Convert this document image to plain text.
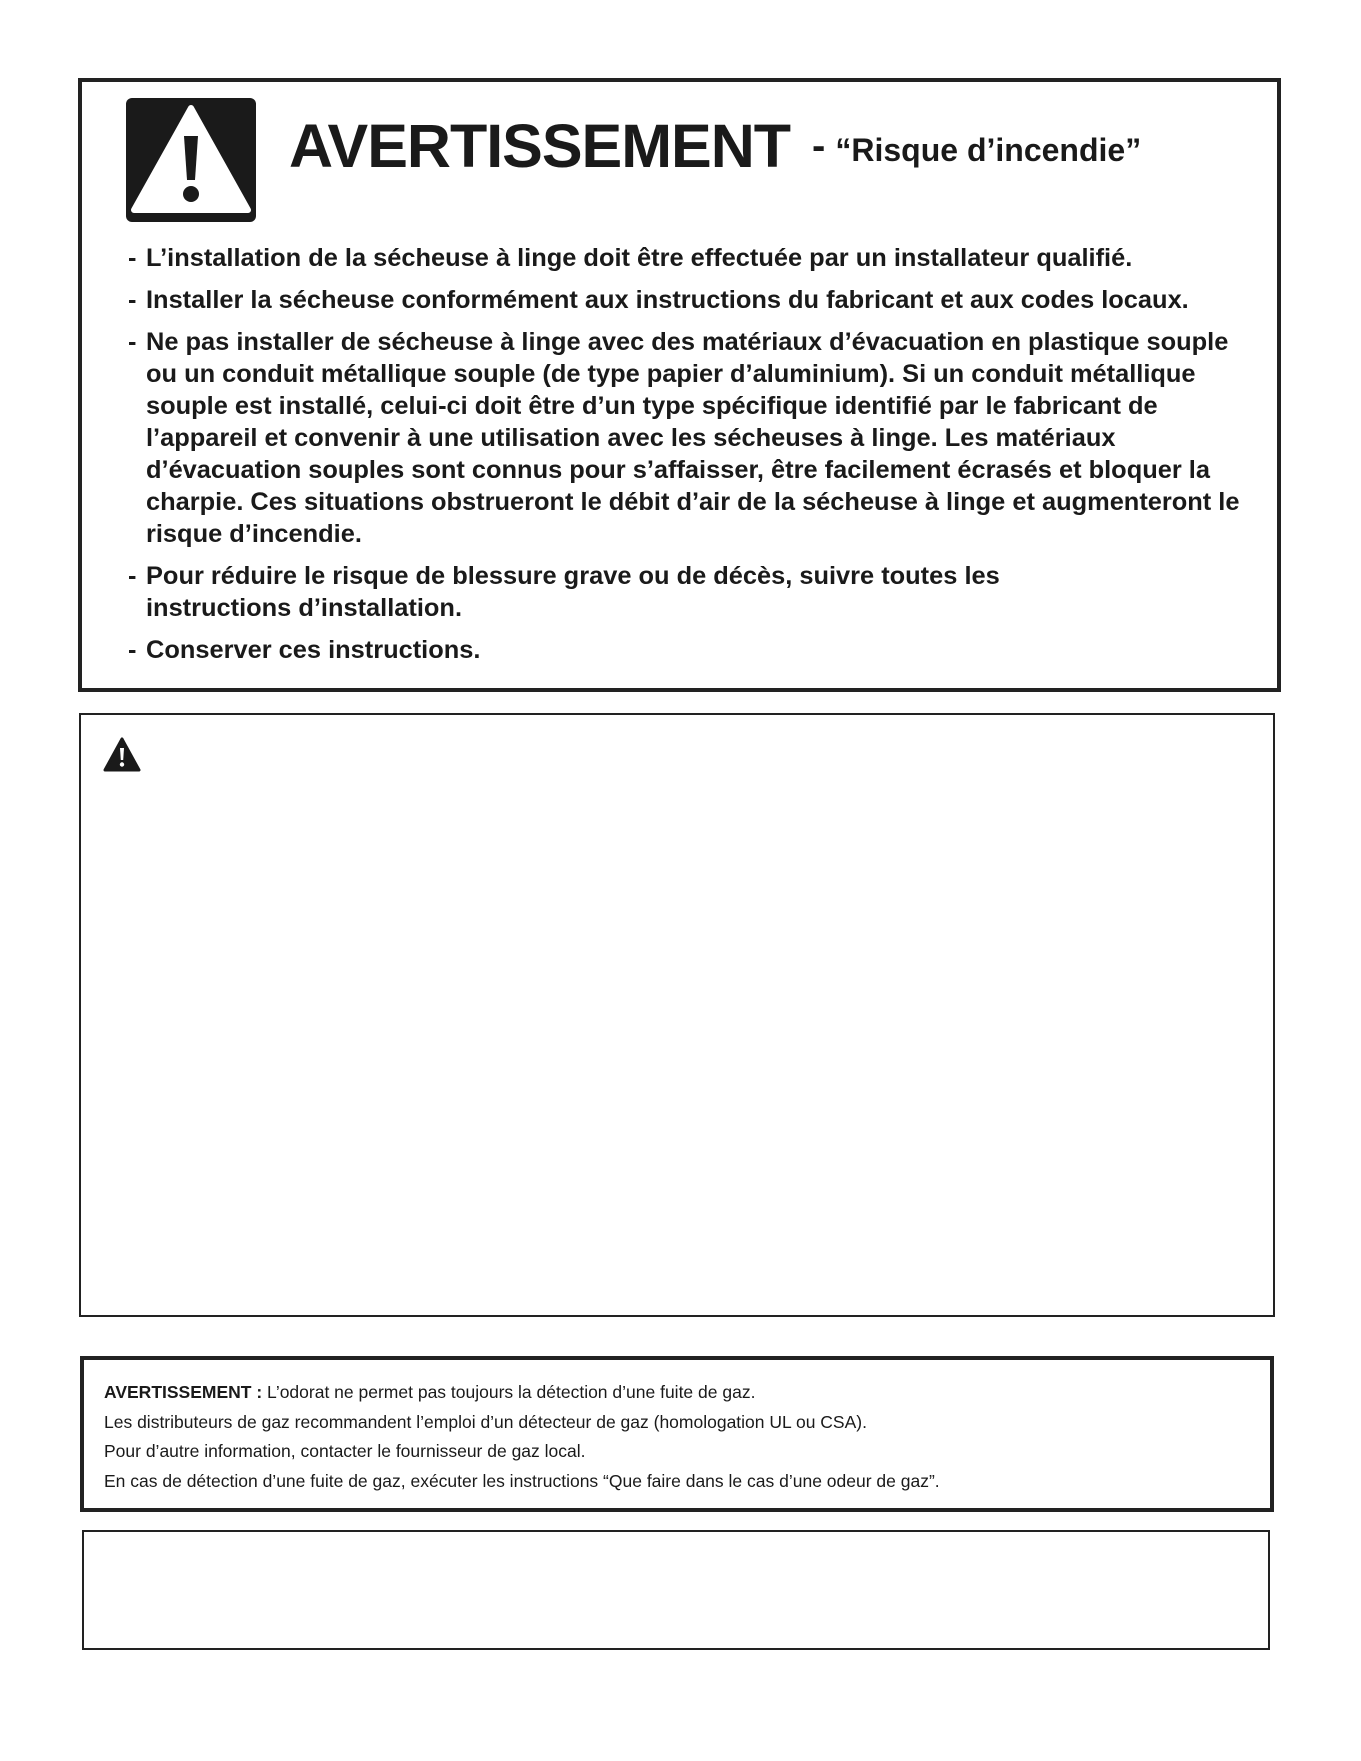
AVERTISSEMENT - “Risque d’incendie”
- L’installation de la sécheuse à linge doit être effectuée par un installateur qualifié.
- Installer la sécheuse conformément aux instructions du fabricant et aux codes locaux.
- Ne pas installer de sécheuse à linge avec des matériaux d’évacuation en plastique souple ou un conduit métallique souple (de type papier d’aluminium). Si un conduit métallique souple est installé, celui-ci doit être d’un type spécifique identifié par le fabricant de l’appareil et convenir à une utilisation avec les sécheuses à linge. Les matériaux d’évacuation souples sont connus pour s’affaisser, être facilement écrasés et bloquer la charpie. Ces situations obstrueront le débit d’air de la sécheuse à linge et augmenteront le risque d’incendie.
- Pour réduire le risque de blessure grave ou de décès, suivre toutes les instructions d’installation.
- Conserver ces instructions.
AVERTISSEMENT : L’odorat ne permet pas toujours la détection d’une fuite de gaz.
Les distributeurs de gaz recommandent l’emploi d’un détecteur de gaz (homologation UL ou CSA).
Pour d’autre information, contacter le fournisseur de gaz local.
En cas de détection d’une fuite de gaz, exécuter les instructions “Que faire dans le cas d’une odeur de gaz”.
